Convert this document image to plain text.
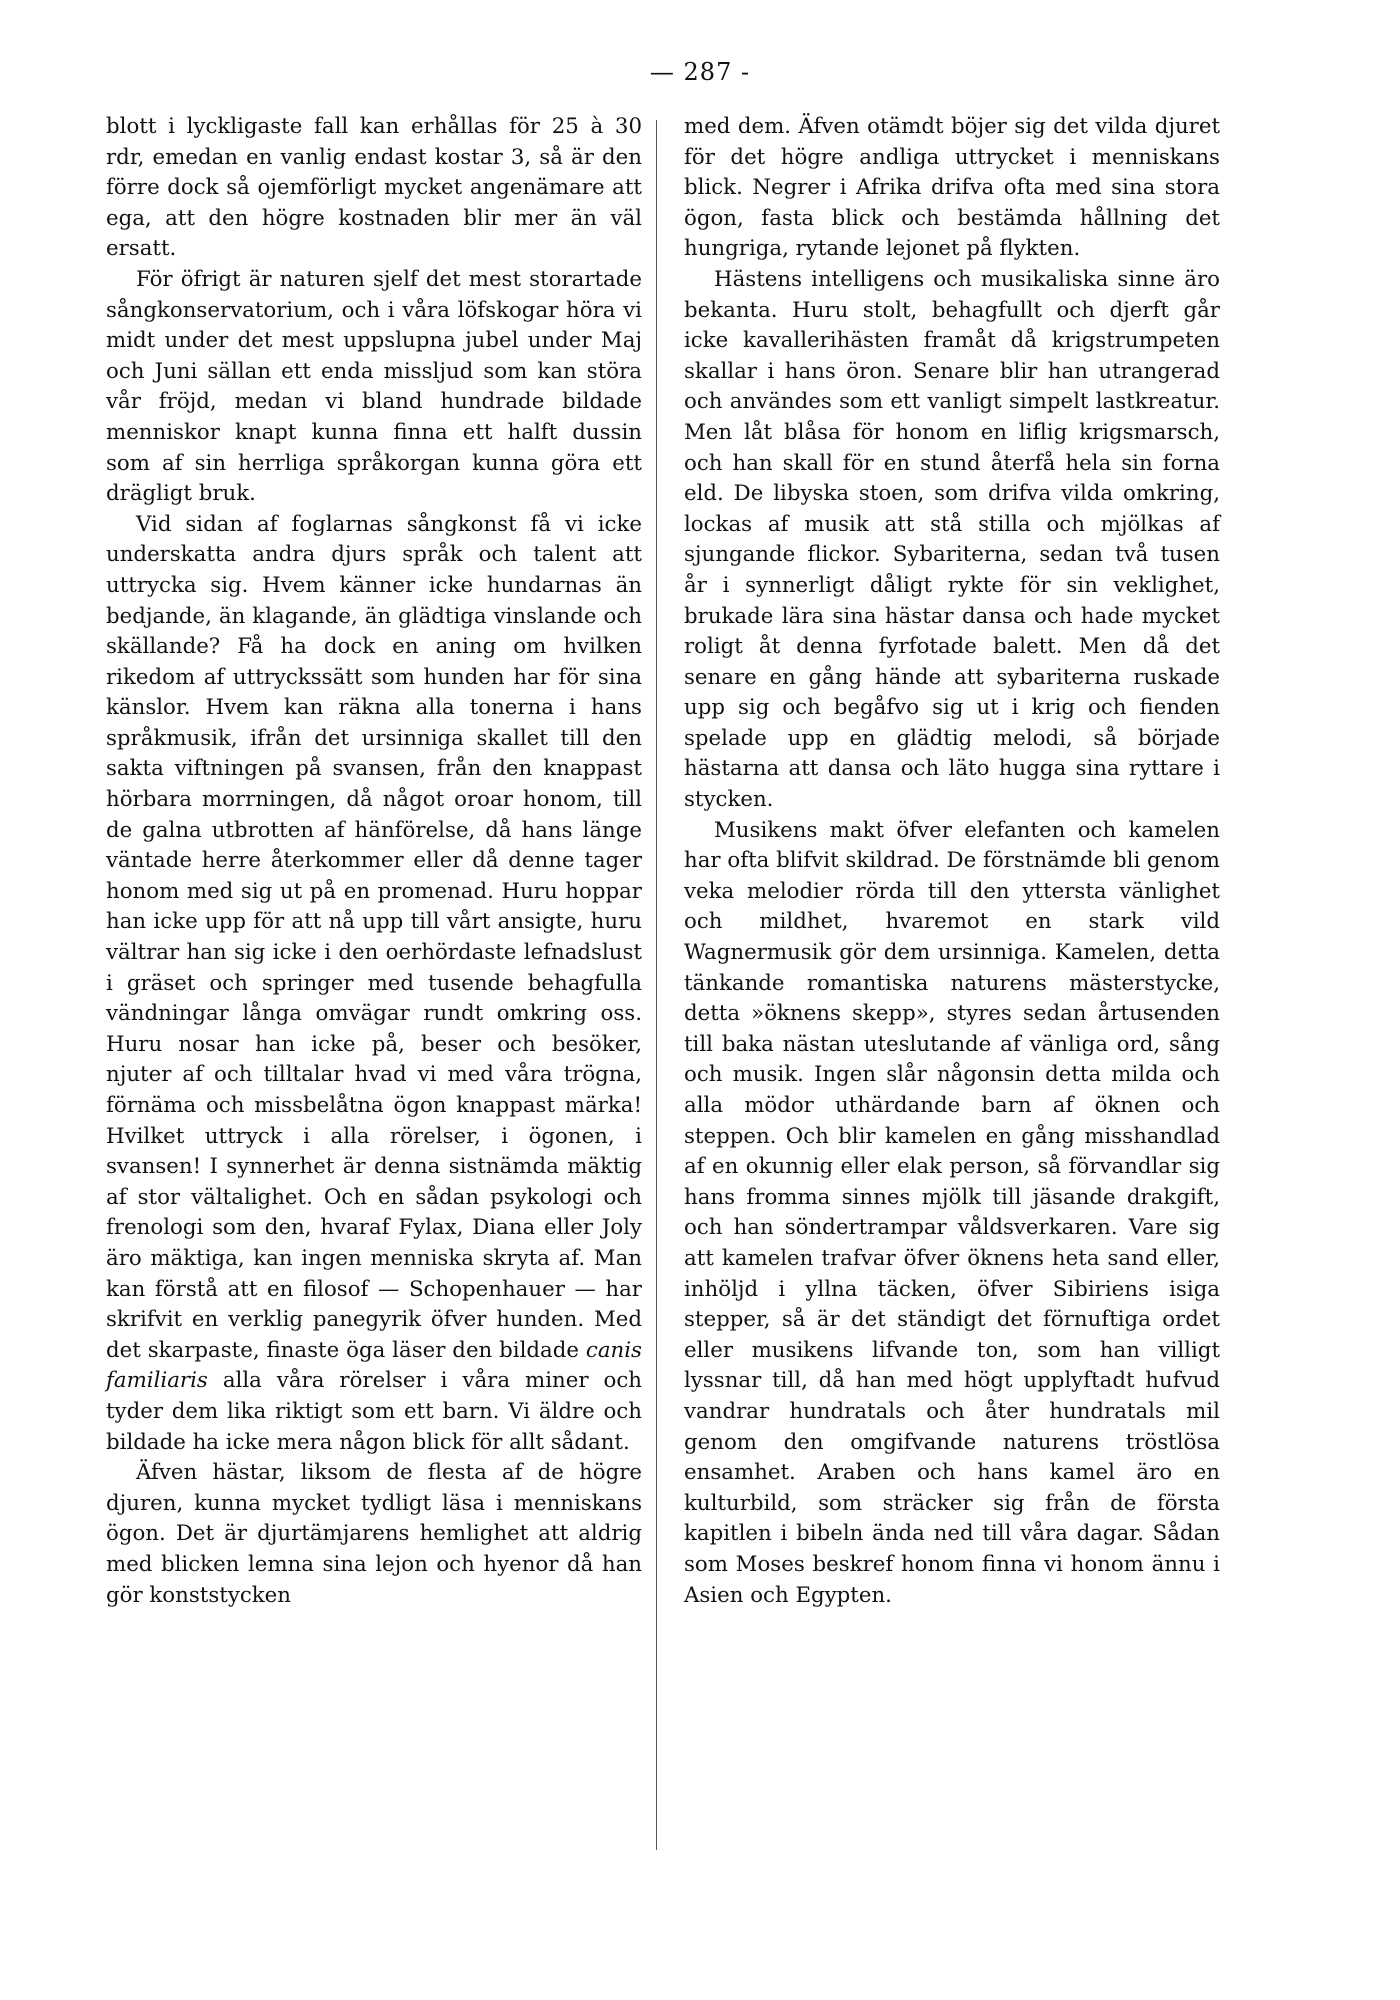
— 287 -

blott i lyckligaste fall kan erhållas för 25 à 30 rdr, emedan en vanlig endast kostar 3, så är den förre dock så ojemförligt mycket angenämare att ega, att den högre kostnaden blir mer än väl ersatt.

För öfrigt är naturen sjelf det mest storartade sångkonservatorium, och i våra löfskogar höra vi midt under det mest uppslupna jubel under Maj och Juni sällan ett enda missljud som kan störa vår fröjd, medan vi bland hundrade bildade menniskor knapt kunna finna ett halft dussin som af sin herrliga språkorgan kunna göra ett drägligt bruk.

Vid sidan af foglarnas sångkonst få vi icke underskatta andra djurs språk och talent att uttrycka sig. Hvem känner icke hundarnas än bedjande, än klagande, än glädtiga vinslande och skällande? Få ha dock en aning om hvilken rikedom af uttryckssätt som hunden har för sina känslor. Hvem kan räkna alla tonerna i hans språkmusik, ifrån det ursinniga skallet till den sakta viftningen på svansen, från den knappast hörbara morrningen, då något oroar honom, till de galna utbrotten af hänförelse, då hans länge väntade herre återkommer eller då denne tager honom med sig ut på en promenad. Huru hoppar han icke upp för att nå upp till vårt ansigte, huru vältrar han sig icke i den oerhördaste lefnadslust i gräset och springer med tusende behagfulla vändningar långa omvägar rundt omkring oss. Huru nosar han icke på, beser och besöker, njuter af och tilltalar hvad vi med våra trögna, förnäma och missbelåtna ögon knappast märka! Hvilket uttryck i alla rörelser, i ögonen, i svansen! I synnerhet är denna sistnämda mäktig af stor vältalighet. Och en sådan psykologi och frenologi som den, hvaraf Fylax, Diana eller Joly äro mäktiga, kan ingen menniska skryta af. Man kan förstå att en filosof — Schopenhauer — har skrifvit en verklig panegyrik öfver hunden. Med det skarpaste, finaste öga läser den bildade canis familiaris alla våra rörelser i våra miner och tyder dem lika riktigt som ett barn. Vi äldre och bildade ha icke mera någon blick för allt sådant.

Äfven hästar, liksom de flesta af de högre djuren, kunna mycket tydligt läsa i menniskans ögon. Det är djurtämjarens hemlighet att aldrig med blicken lemna sina lejon och hyenor då han gör konststycken

med dem. Äfven otämdt böjer sig det vilda djuret för det högre andliga uttrycket i menniskans blick. Negrer i Afrika drifva ofta med sina stora ögon, fasta blick och bestämda hållning det hungriga, rytande lejonet på flykten.

Hästens intelligens och musikaliska sinne äro bekanta. Huru stolt, behagfullt och djerft går icke kavallerihästen framåt då krigstrumpeten skallar i hans öron. Senare blir han utrangerad och användes som ett vanligt simpelt lastkreatur. Men låt blåsa för honom en liflig krigsmarsch, och han skall för en stund återfå hela sin forna eld. De libyska stoen, som drifva vilda omkring, lockas af musik att stå stilla och mjölkas af sjungande flickor. Sybariterna, sedan två tusen år i synnerligt dåligt rykte för sin veklighet, brukade lära sina hästar dansa och hade mycket roligt åt denna fyrfotade balett. Men då det senare en gång hände att sybariterna ruskade upp sig och begåfvo sig ut i krig och fienden spelade upp en glädtig melodi, så började hästarna att dansa och läto hugga sina ryttare i stycken.

Musikens makt öfver elefanten och kamelen har ofta blifvit skildrad. De förstnämde bli genom veka melodier rörda till den yttersta vänlighet och mildhet, hvaremot en stark vild Wagnermusik gör dem ursinniga. Kamelen, detta tänkande romantiska naturens mästerstycke, detta »öknens skepp», styres sedan årtusenden till baka nästan uteslutande af vänliga ord, sång och musik. Ingen slår någonsin detta milda och alla mödor uthärdande barn af öknen och steppen. Och blir kamelen en gång misshandlad af en okunnig eller elak person, så förvandlar sig hans fromma sinnes mjölk till jäsande drakgift, och han söndertrampar våldsverkaren. Vare sig att kamelen trafvar öfver öknens heta sand eller, inhöljd i yllna täcken, öfver Sibiriens isiga stepper, så är det ständigt det förnuftiga ordet eller musikens lifvande ton, som han villigt lyssnar till, då han med högt upplyftadt hufvud vandrar hundratals och åter hundratals mil genom den omgifvande naturens tröstlösa ensamhet. Araben och hans kamel äro en kulturbild, som sträcker sig från de första kapitlen i bibeln ända ned till våra dagar. Sådan som Moses beskref honom finna vi honom ännu i Asien och Egypten.
